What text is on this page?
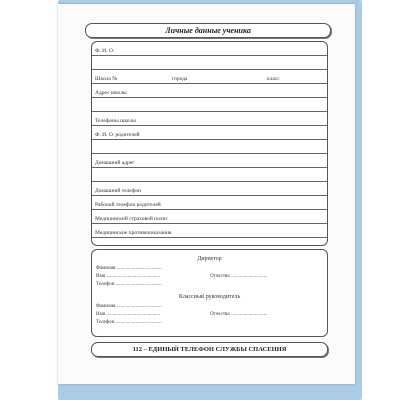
Личные данные ученика
Ф. И. О.
Школа №	города	класс
Адрес школы
Телефоны школы
Ф. И. О. родителей
Домашний адрес
Домашний телефон
Рабочий телефон родителей
Медицинский страховой полис
Медицинские противопоказания
Директор
Фамилия ....................................
Имя ...........................................	Отчество .............................
Телефон .....................................
Классный руководитель
Фамилия ....................................
Имя ...........................................	Отчество .............................
Телефон .....................................
112 – ЕДИНЫЙ ТЕЛЕФОН СЛУЖБЫ СПАСЕНИЯ
